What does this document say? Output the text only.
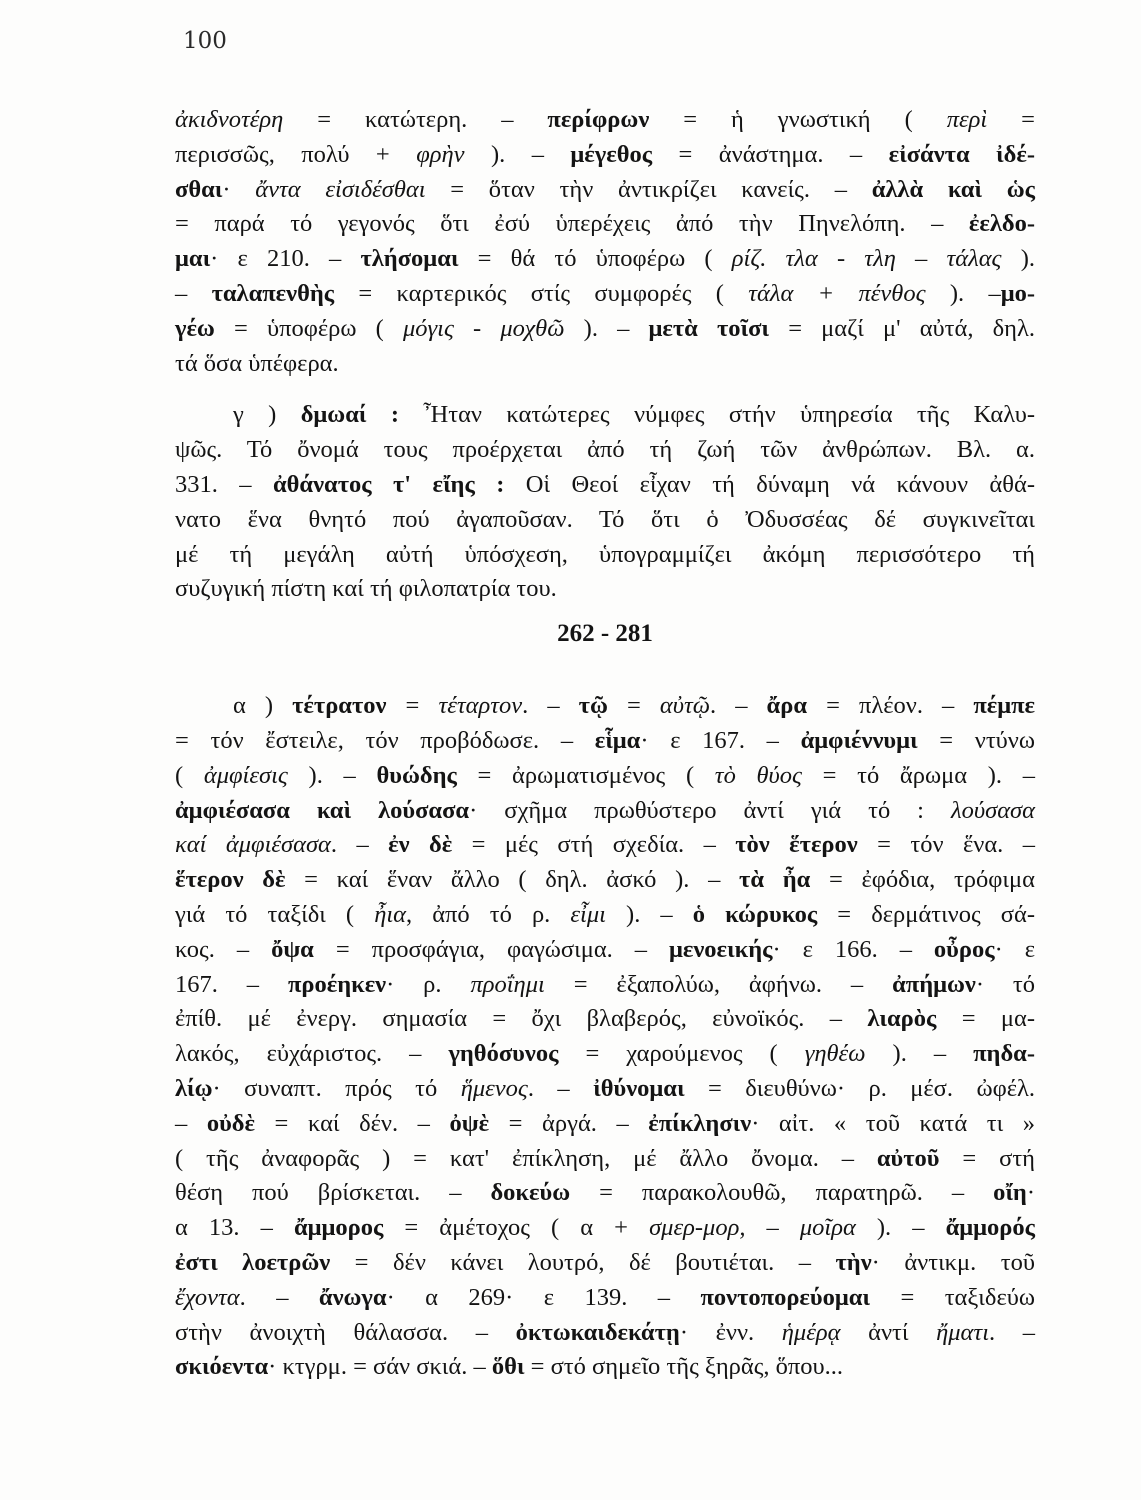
100
ἀκιδνοτέρη = κατώτερη. – περίφρων = ἡ γνωστική ( περὶ =
περισσῶς, πολύ + φρὴν ). – μέγεθος = ἀνάστημα. – εἰσάντα ἰδέ-
σθαι· ἄντα εἰσιδέσθαι = ὅταν τὴν ἀντικρίζει κανείς. – ἀλλὰ καὶ ὡς
= παρά τό γεγονός ὅτι ἐσύ ὑπερέχεις ἀπό τὴν Πηνελόπη. – ἐελδο-
μαι· ε 210. – τλήσομαι = θά τό ὑποφέρω ( ρίζ. τλα - τλη – τάλας ).
– ταλαπενθὴς = καρτερικός στίς συμφορές ( τάλα + πένθος ). –μο-
γέω = ὑποφέρω ( μόγις - μοχθῶ ). – μετὰ τοῖσι = μαζί μ' αὐτά, δηλ.
τά ὅσα ὑπέφερα.
γ ) δμωαί : Ἦταν κατώτερες νύμφες στήν ὑπηρεσία τῆς Καλυ-
ψῶς. Τό ὄνομά τους προέρχεται ἀπό τή ζωή τῶν ἀνθρώπων. Βλ. α.
331. – ἀθάνατος τ' εἴης : Οἱ Θεοί εἶχαν τή δύναμη νά κάνουν ἀθά-
νατο ἕνα θνητό πού ἀγαποῦσαν. Τό ὅτι ὁ Ὀδυσσέας δέ συγκινεῖται
μέ τή μεγάλη αὐτή ὑπόσχεση, ὑπογραμμίζει ἀκόμη περισσότερο τή
συζυγική πίστη καί τή φιλοπατρία του.
262 - 281
α ) τέτρατον = τέταρτον. – τῷ = αὐτῷ. – ἄρα = πλέον. – πέμπε
= τόν ἔστειλε, τόν προβόδωσε. – εἷμα· ε 167. – ἀμφιέννυμι = ντύνω
( ἀμφίεσις ). – θυώδης = ἀρωματισμένος ( τὸ θύος = τό ἄρωμα ). –
ἀμφιέσασα καὶ λούσασα· σχῆμα πρωθύστερο ἀντί γιά τό : λούσασα
καί ἀμφιέσασα. – ἐν δὲ = μές στή σχεδία. – τὸν ἕτερον = τόν ἕνα. –
ἕτερον δὲ = καί ἕναν ἄλλο ( δηλ. ἀσκό ). – τὰ ἦα = ἐφόδια, τρόφιμα
γιά τό ταξίδι ( ἦια, ἀπό τό ρ. εἶμι ). – ὁ κώρυκος = δερμάτινος σά-
κος. – ὄψα = προσφάγια, φαγώσιμα. – μενοεικής· ε 166. – οὖρος· ε
167. – προέηκεν· ρ. προΐημι = ἐξαπολύω, ἀφήνω. – ἀπήμων· τό
ἐπίθ. μέ ἐνεργ. σημασία = ὄχι βλαβερός, εὐνοϊκός. – λιαρὸς = μα-
λακός, εὐχάριστος. – γηθόσυνος = χαρούμενος ( γηθέω ). – πηδα-
λίῳ· συναπτ. πρός τό ἥμενος. – ἰθύνομαι = διευθύνω· ρ. μέσ. ὠφέλ.
– οὐδὲ = καί δέν. – ὀψὲ = ἀργά. – ἐπίκλησιν· αἰτ. « τοῦ κατά τι »
( τῆς ἀναφορᾶς ) = κατ' ἐπίκληση, μέ ἄλλο ὄνομα. – αὐτοῦ = στή
θέση πού βρίσκεται. – δοκεύω = παρακολουθῶ, παρατηρῶ. – οἴη·
α 13. – ἄμμορος = ἀμέτοχος ( α + σμερ-μορ, – μοῖρα ). – ἄμμορός
ἐστι λοετρῶν = δέν κάνει λουτρό, δέ βουτιέται. – τὴν· ἀντικμ. τοῦ
ἔχοντα. – ἄνωγα· α 269· ε 139. – ποντοπορεύομαι = ταξιδεύω
στὴν ἀνοιχτὴ θάλασσα. – ὀκτωκαιδεκάτῃ· ἐνν. ἡμέρᾳ ἀντί ἤματι. –
σκιόεντα· κτγρμ. = σάν σκιά. – ὅθι = στό σημεῖο τῆς ξηρᾶς, ὅπου...
